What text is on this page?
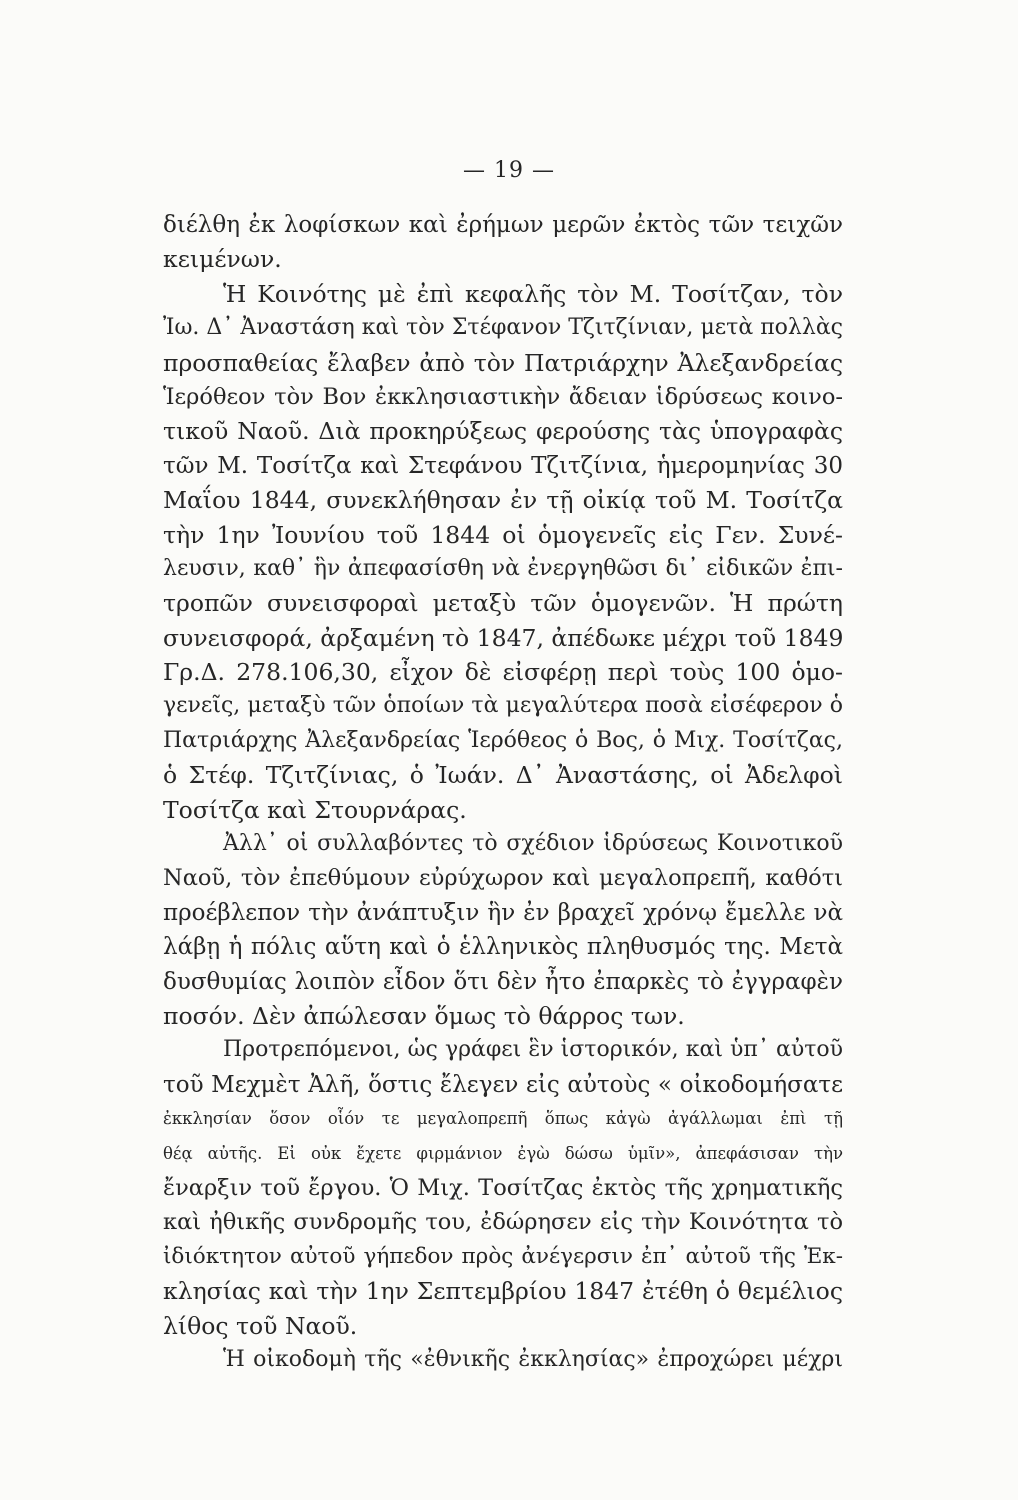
— 19 —
διέλθη ἐκ λοφίσκων καὶ ἐρήμων μερῶν ἐκτὸς τῶν τειχῶν
κειμένων.
Ἡ Κοινότης μὲ ἐπὶ κεφαλῆς τὸν Μ. Τοσίτζαν, τὸν
Ἰω. Δ᾿ Ἀναστάση καὶ τὸν Στέφανον Τζιτζίνιαν, μετὰ πολλὰς
προσπαθείας ἔλαβεν ἀπὸ τὸν Πατριάρχην Ἀλεξανδρείας
Ἱερόθεον τὸν Βον ἐκκλησιαστικὴν ἄδειαν ἱδρύσεως κοινο-
τικοῦ Ναοῦ. Διὰ προκηρύξεως φερούσης τὰς ὑπογραφὰς
τῶν Μ. Τοσίτζα καὶ Στεφάνου Τζιτζίνια, ἡμερομηνίας 30
Μαΐου 1844, συνεκλήθησαν ἐν τῇ οἰκίᾳ τοῦ Μ. Τοσίτζα
τὴν 1ην Ἰουνίου τοῦ 1844 οἱ ὁμογενεῖς εἰς Γεν. Συνέ-
λευσιν, καθ᾿ ἣν ἀπεφασίσθη νὰ ἐνεργηθῶσι δι᾿ εἰδικῶν ἐπι-
τροπῶν συνεισφοραὶ μεταξὺ τῶν ὁμογενῶν. Ἡ πρώτη
συνεισφορά, ἀρξαμένη τὸ 1847, ἀπέδωκε μέχρι τοῦ 1849
Γρ.Δ. 278.106,30, εἶχον δὲ εἰσφέρῃ περὶ τοὺς 100 ὁμο-
γενεῖς, μεταξὺ τῶν ὁποίων τὰ μεγαλύτερα ποσὰ εἰσέφερον ὁ
Πατριάρχης Ἀλεξανδρείας Ἱερόθεος ὁ Βος, ὁ Μιχ. Τοσίτζας,
ὁ Στέφ. Τζιτζίνιας, ὁ Ἰωάν. Δ᾿ Ἀναστάσης, οἱ Ἀδελφοὶ
Τοσίτζα καὶ Στουρνάρας.
Ἀλλ᾿ οἱ συλλαβόντες τὸ σχέδιον ἱδρύσεως Κοινοτικοῦ
Ναοῦ, τὸν ἐπεθύμουν εὐρύχωρον καὶ μεγαλοπρεπῆ, καθότι
προέβλεπον τὴν ἀνάπτυξιν ἣν ἐν βραχεῖ χρόνῳ ἔμελλε νὰ
λάβῃ ἡ πόλις αὕτη καὶ ὁ ἑλληνικὸς πληθυσμός της. Μετὰ
δυσθυμίας λοιπὸν εἶδον ὅτι δὲν ἦτο ἐπαρκὲς τὸ ἐγγραφὲν
ποσόν. Δὲν ἀπώλεσαν ὅμως τὸ θάρρος των.
Προτρεπόμενοι, ὡς γράφει ἓν ἱστορικόν, καὶ ὑπ᾿ αὐτοῦ
τοῦ Μεχμὲτ Ἀλῆ, ὅστις ἔλεγεν εἰς αὐτοὺς « οἰκοδομήσατε
ἐκκλησίαν ὅσον οἷόν τε μεγαλοπρεπῆ ὅπως κἀγὼ ἀγάλλωμαι ἐπὶ τῇ
θέᾳ αὐτῆς. Εἰ οὐκ ἔχετε φιρμάνιον ἐγὼ δώσω ὑμῖν», ἀπεφάσισαν τὴν
ἔναρξιν τοῦ ἔργου. Ὁ Μιχ. Τοσίτζας ἐκτὸς τῆς χρηματικῆς
καὶ ἠθικῆς συνδρομῆς του, ἐδώρησεν εἰς τὴν Κοινότητα τὸ
ἰδιόκτητον αὐτοῦ γήπεδον πρὸς ἀνέγερσιν ἐπ᾿ αὐτοῦ τῆς Ἐκ-
κλησίας καὶ τὴν 1ην Σεπτεμβρίου 1847 ἐτέθη ὁ θεμέλιος
λίθος τοῦ Ναοῦ.
Ἡ οἰκοδομὴ τῆς «ἐθνικῆς ἐκκλησίας» ἐπροχώρει μέχρι
